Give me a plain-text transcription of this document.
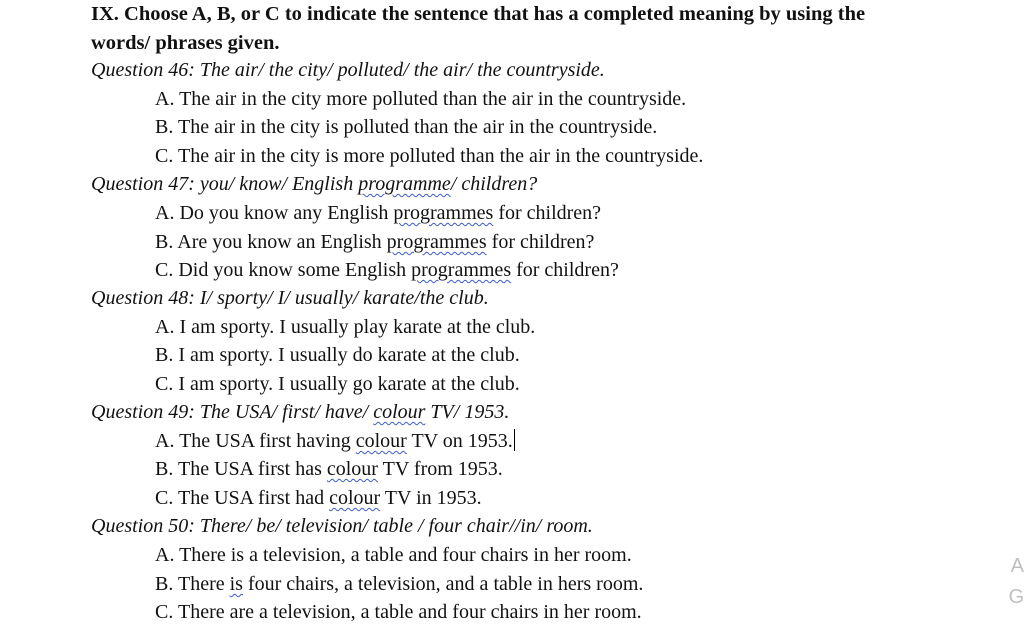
IX. Choose A, B, or C to indicate the sentence that has a completed meaning by using the
words/ phrases given.
Question 46: The air/ the city/ polluted/ the air/ the countryside.
A. The air in the city more polluted than the air in the countryside.
B. The air in the city is polluted than the air in the countryside.
C. The air in the city is more polluted than the air in the countryside.
Question 47: you/ know/ English programme/ children?
A. Do you know any English programmes for children?
B. Are you know an English programmes for children?
C. Did you know some English programmes for children?
Question 48: I/ sporty/ I/ usually/ karate/the club.
A. I am sporty. I usually play karate at the club.
B. I am sporty. I usually do karate at the club.
C. I am sporty. I usually go karate at the club.
Question 49: The USA/ first/ have/ colour TV/ 1953.
A. The USA first having colour TV on 1953.
B. The USA first has colour TV from 1953.
C. The USA first had colour TV in 1953.
Question 50: There/ be/ television/ table / four chair//in/ room.
A. There is a television, a table and four chairs in her room.
B. There is four chairs, a television, and a table in hers room.
C. There are a television, a table and four chairs in her room.
A
G
